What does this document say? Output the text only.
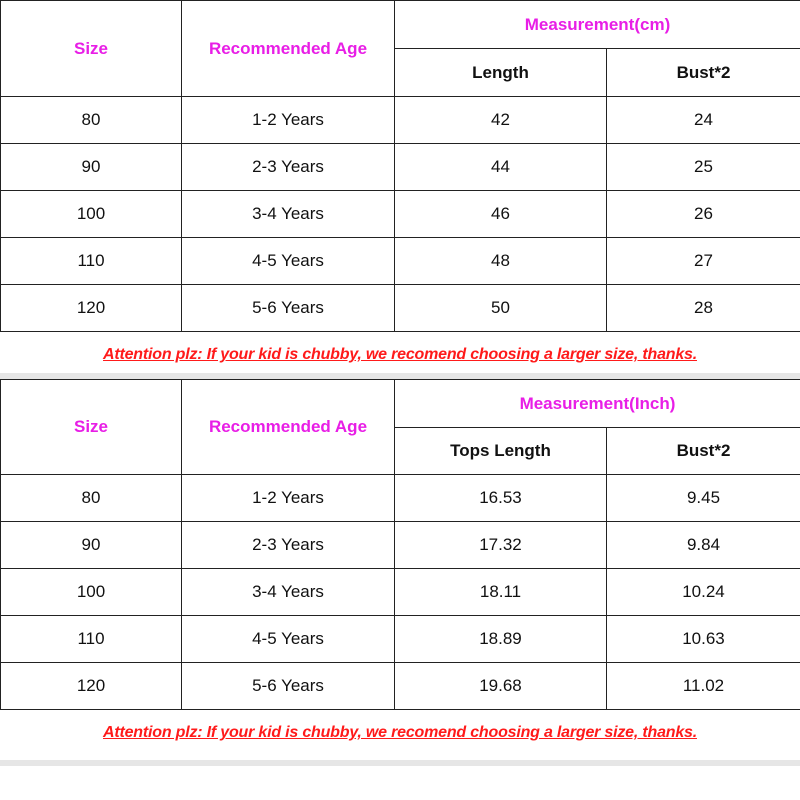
Size	Recommended Age	Measurement(cm)	
		Length	Bust*2
80	1-2 Years	42	24
90	2-3 Years	44	25
100	3-4 Years	46	26
110	4-5 Years	48	27
120	5-6 Years	50	28
Attention plz: If your kid is chubby, we recomend choosing a larger size, thanks.
Size	Recommended Age	Measurement(Inch)	
		Tops Length	Bust*2
80	1-2 Years	16.53	9.45
90	2-3 Years	17.32	9.84
100	3-4 Years	18.11	10.24
110	4-5 Years	18.89	10.63
120	5-6 Years	19.68	11.02
Attention plz: If your kid is chubby, we recomend choosing a larger size, thanks.
